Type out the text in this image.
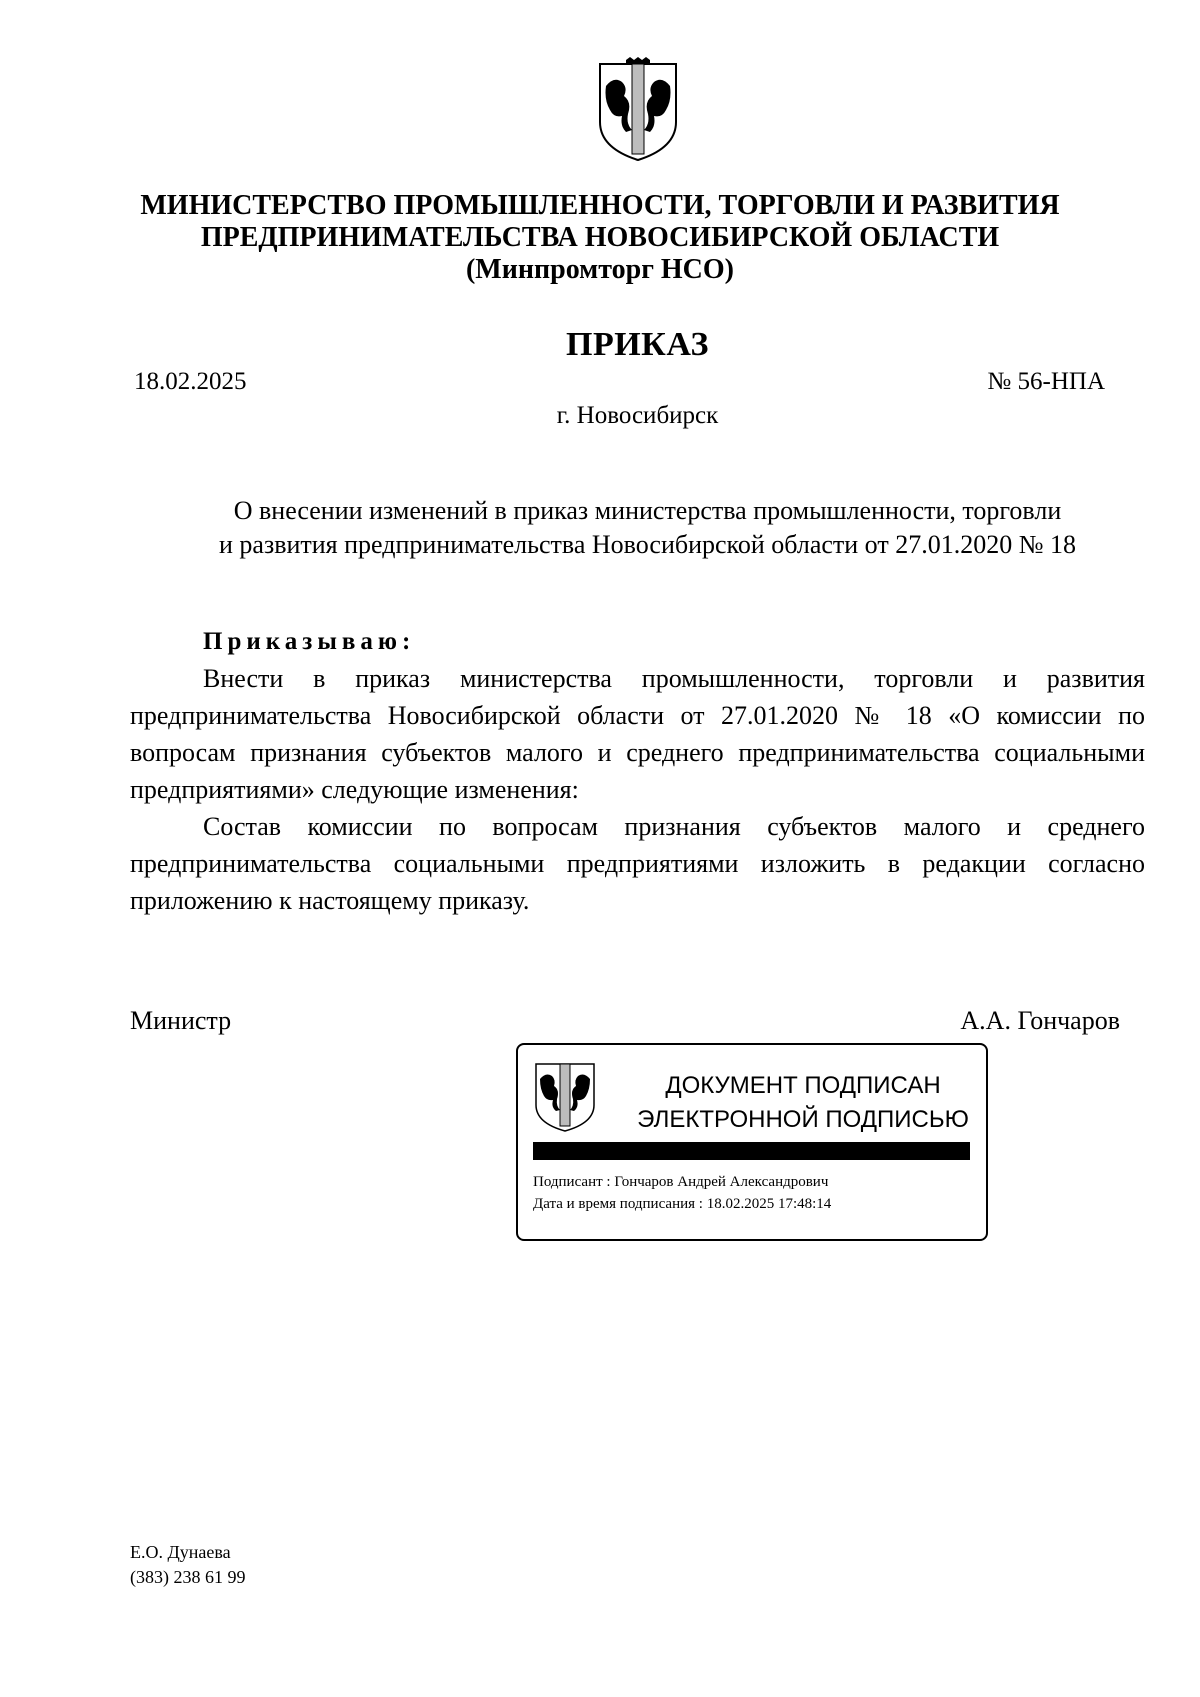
МИНИСТЕРСТВО ПРОМЫШЛЕННОСТИ, ТОРГОВЛИ И РАЗВИТИЯ
ПРЕДПРИНИМАТЕЛЬСТВА НОВОСИБИРСКОЙ ОБЛАСТИ
(Минпромторг НСО)
ПРИКАЗ
18.02.2025	№ 56-НПА
г. Новосибирск
О внесении изменений в приказ министерства промышленности, торговли
и развития предпринимательства Новосибирской области от 27.01.2020 № 18
Приказываю:

Внести в приказ министерства промышленности, торговли и развития предпринимательства Новосибирской области от 27.01.2020 № 18 «О комиссии по вопросам признания субъектов малого и среднего предпринимательства социальными предприятиями» следующие изменения:

Состав комиссии по вопросам признания субъектов малого и среднего предпринимательства социальными предприятиями изложить в редакции согласно приложению к настоящему приказу.

Министр	А.А. Гончаров
ДОКУМЕНТ ПОДПИСАН
ЭЛЕКТРОННОЙ ПОДПИСЬЮ
Подписант : Гончаров Андрей Александрович
Дата и время подписания : 18.02.2025 17:48:14
Е.О. Дунаева
(383) 238 61 99
